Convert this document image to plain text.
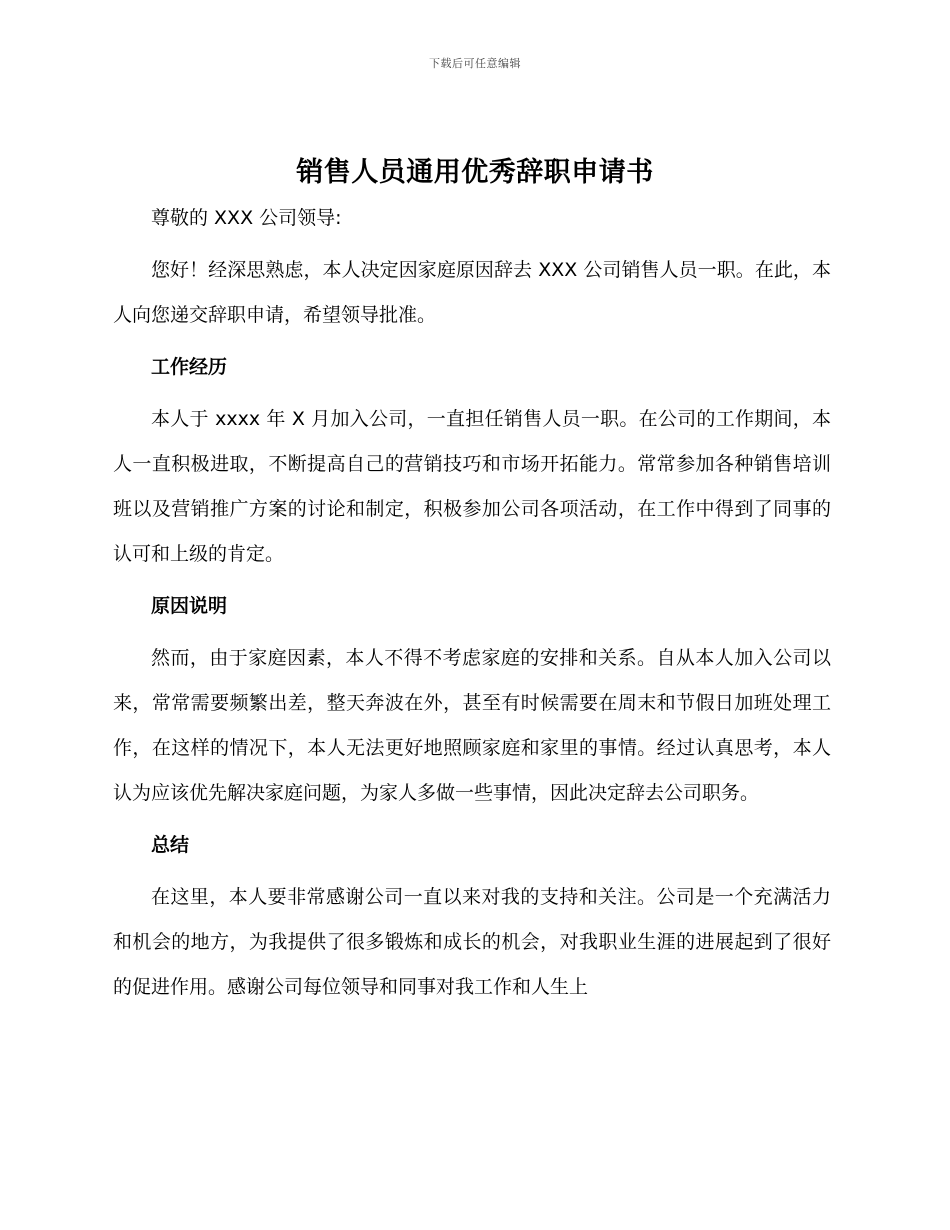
下载后可任意编辑
销售人员通用优秀辞职申请书

尊敬的 XXX 公司领导:

您好！经深思熟虑，本人决定因家庭原因辞去 XXX 公司销售人员一职。在此，本人向您递交辞职申请，希望领导批准。

工作经历

本人于 xxxx 年 X 月加入公司，一直担任销售人员一职。在公司的工作期间，本人一直积极进取，不断提高自己的营销技巧和市场开拓能力。常常参加各种销售培训班以及营销推广方案的讨论和制定，积极参加公司各项活动，在工作中得到了同事的认可和上级的肯定。

原因说明

然而，由于家庭因素，本人不得不考虑家庭的安排和关系。自从本人加入公司以来，常常需要频繁出差，整天奔波在外，甚至有时候需要在周末和节假日加班处理工作，在这样的情况下，本人无法更好地照顾家庭和家里的事情。经过认真思考，本人认为应该优先解决家庭问题，为家人多做一些事情，因此决定辞去公司职务。

总结

在这里，本人要非常感谢公司一直以来对我的支持和关注。公司是一个充满活力和机会的地方，为我提供了很多锻炼和成长的机会，对我职业生涯的进展起到了很好的促进作用。感谢公司每位领导和同事对我工作和人生上
